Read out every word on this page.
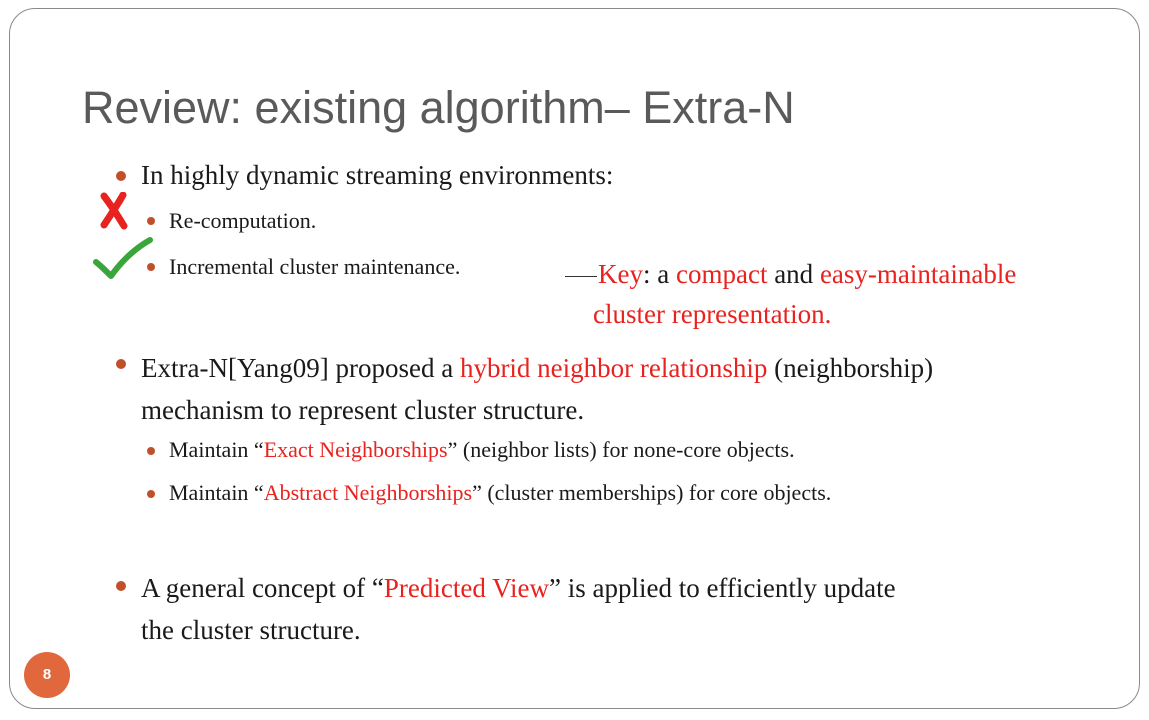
Review: existing algorithm– Extra-N
In highly dynamic streaming environments:
Re-computation.
Incremental cluster maintenance.	Key: a compact and easy-maintainable
cluster representation.
Extra-N[Yang09] proposed a hybrid neighbor relationship (neighborship)
mechanism to represent cluster structure.
Maintain “Exact Neighborships” (neighbor lists) for none-core objects.
Maintain “Abstract Neighborships” (cluster memberships) for core objects.
A general concept of “Predicted View” is applied to efficiently update
the cluster structure.
8
